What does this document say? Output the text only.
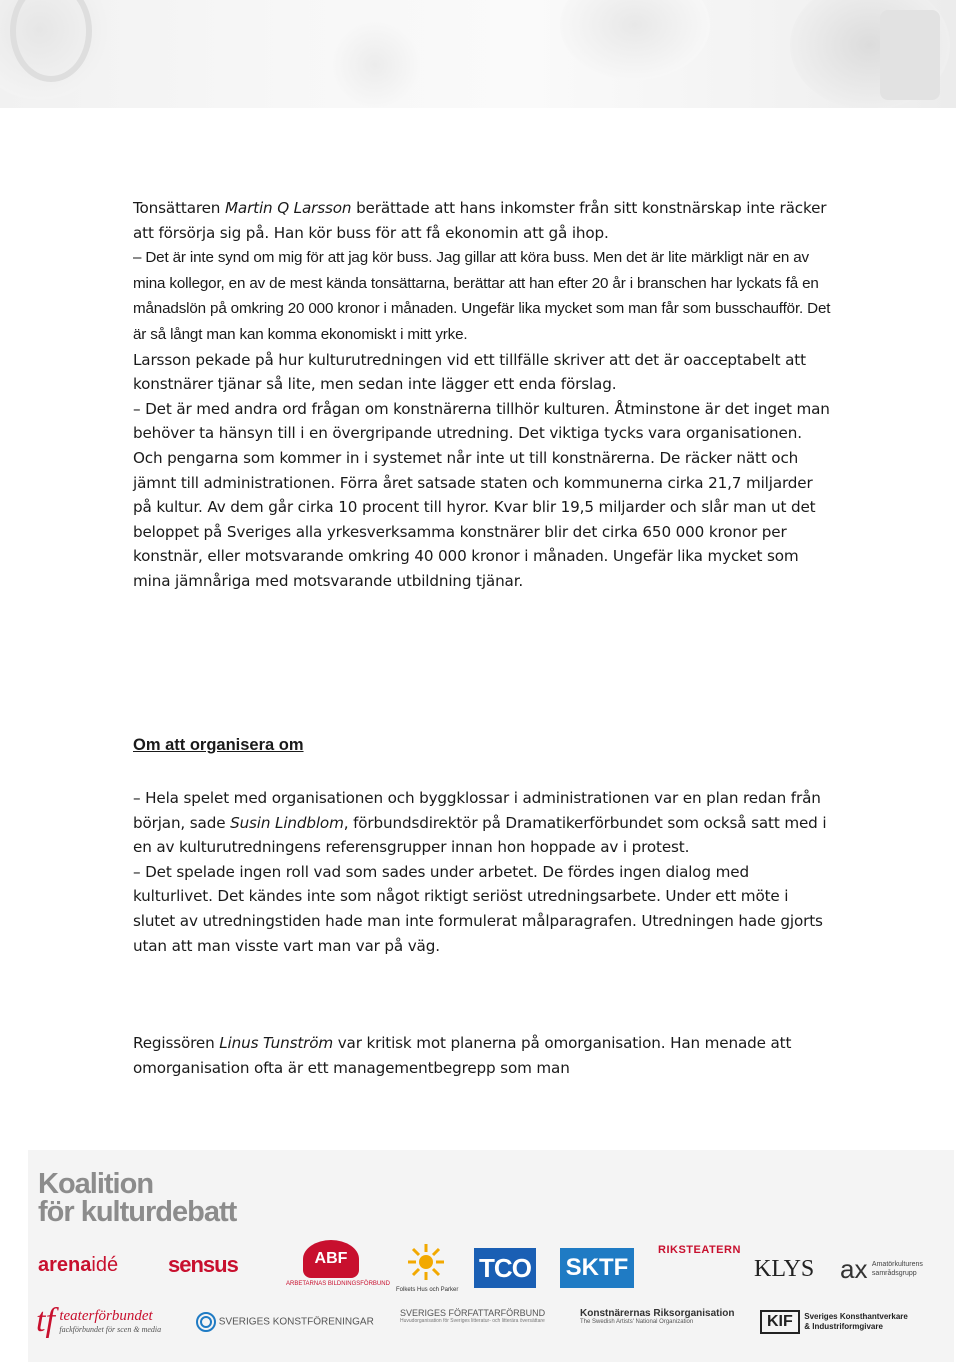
Tonsättaren Martin Q Larsson berättade att hans inkomster från sitt konstnärskap inte räcker att försörja sig på. Han kör buss för att få ekonomin att gå ihop.

– Det är inte synd om mig för att jag kör buss. Jag gillar att köra buss. Men det är lite märkligt när en av mina kollegor, en av de mest kända tonsättarna, berättar att han efter 20 år i branschen har lyckats få en månadslön på omkring 20 000 kronor i månaden. Ungefär lika mycket som man får som busschaufför. Det är så långt man kan komma ekonomiskt i mitt yrke.

Larsson pekade på hur kulturutredningen vid ett tillfälle skriver att det är oacceptabelt att konstnärer tjänar så lite, men sedan inte lägger ett enda förslag.

– Det är med andra ord frågan om konstnärerna tillhör kulturen. Åtminstone är det inget man behöver ta hänsyn till i en övergripande utredning. Det viktiga tycks vara organisationen. Och pengarna som kommer in i systemet når inte ut till konstnärerna. De räcker nätt och jämnt till administrationen. Förra året satsade staten och kommunerna cirka 21,7 miljarder på kultur. Av dem går cirka 10 procent till hyror. Kvar blir 19,5 miljarder och slår man ut det beloppet på Sveriges alla yrkesverksamma konstnärer blir det cirka 650 000 kronor per konstnär, eller motsvarande omkring 40 000 kronor i månaden. Ungefär lika mycket som mina jämnåriga med motsvarande utbildning tjänar.

Om att organisera om

– Hela spelet med organisationen och byggklossar i administrationen var en plan redan från början, sade Susin Lindblom, förbundsdirektör på Dramatikerförbundet som också satt med i en av kulturutredningens referensgrupper innan hon hoppade av i protest.

– Det spelade ingen roll vad som sades under arbetet. De fördes ingen dialog med kulturlivet. Det kändes inte som något riktigt seriöst utredningsarbete. Under ett möte i slutet av utredningstiden hade man inte formulerat målparagrafen. Utredningen hade gjorts utan att man visste vart man var på väg.

Regissören Linus Tunström var kritisk mot planerna på omorganisation. Han menade att omorganisation ofta är ett managementbegrepp som man
Koalition
för kulturdebatt
arenaidé sensus	ABF
ARBETARNAS BILDNINGSFÖRBUND
Folkets Hus och Parker
TCO SKTF
RIKSTEATERN
KLYS ax Amatörkulturens
samrådsgrupp
tf teaterförbundet
fackförbundet för scen & media
SVERIGES KONSTFÖRENINGAR
SVERIGES FÖRFATTARFÖRBUND
Huvudorganisation för Sveriges litteratur- och litterära översättare
Konstnärernas Riksorganisation
The Swedish Artists' National Organization	KIF Sveriges Konsthantverkare
& Industriformgivare
